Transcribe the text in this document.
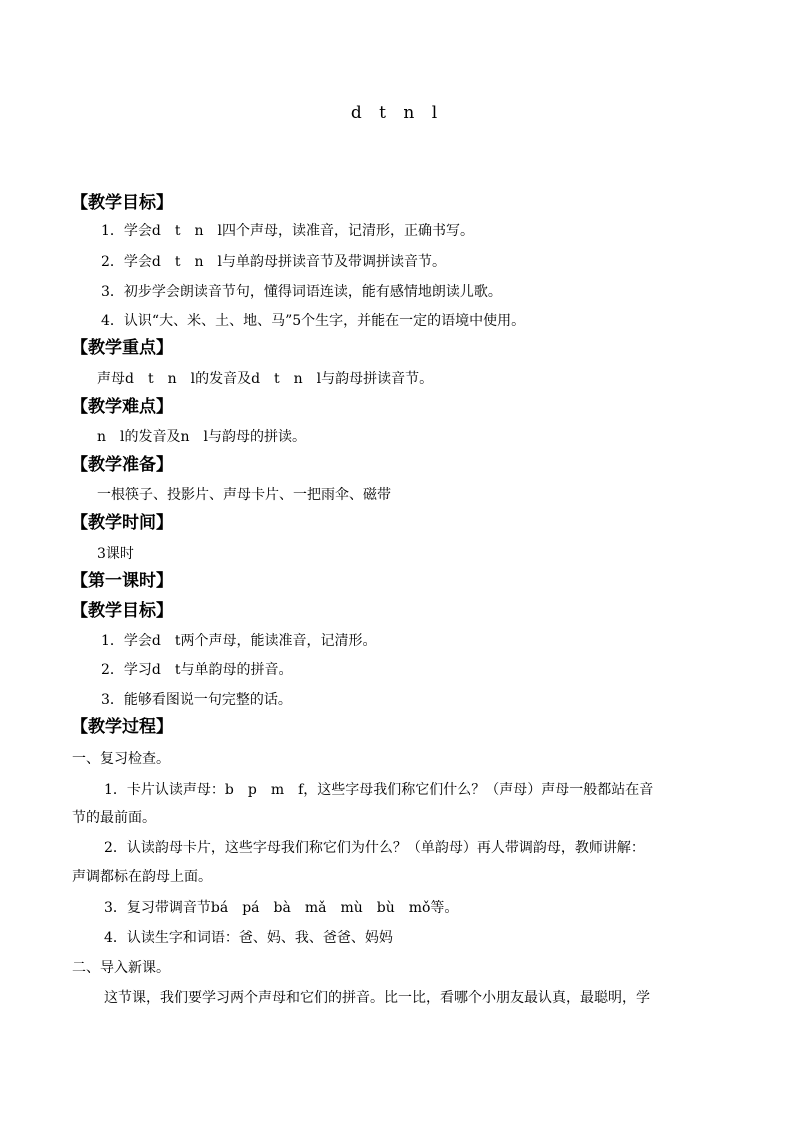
d t n l
【教学目标】
1．学会d　t　n　l四个声母，读准音，记清形，正确书写。
2．学会d　t　n　l与单韵母拼读音节及带调拼读音节。
3．初步学会朗读音节句，懂得词语连读，能有感情地朗读儿歌。
4．认识“大、米、土、地、马”5个生字，并能在一定的语境中使用。
【教学重点】
声母d　t　n　l的发音及d　t　n　l与韵母拼读音节。
【教学难点】
n　l的发音及n　l与韵母的拼读。
【教学准备】
一根筷子、投影片、声母卡片、一把雨伞、磁带
【教学时间】
3课时
【第一课时】
【教学目标】
1．学会d　t两个声母，能读准音，记清形。
2．学习d　t与单韵母的拼音。
3．能够看图说一句完整的话。
【教学过程】
一、复习检查。
1．卡片认读声母：b　p　m　f，这些字母我们称它们什么？（声母）声母一般都站在音
节的最前面。
2．认读韵母卡片，这些字母我们称它们为什么？（单韵母）再人带调韵母，教师讲解：
声调都标在韵母上面。
3．复习带调音节bá　pá　bà　mǎ　mù　bù　mǒ等。
4．认读生字和词语：爸、妈、我、爸爸、妈妈
二、导入新课。
这节课，我们要学习两个声母和它们的拼音。比一比，看哪个小朋友最认真，最聪明，学
